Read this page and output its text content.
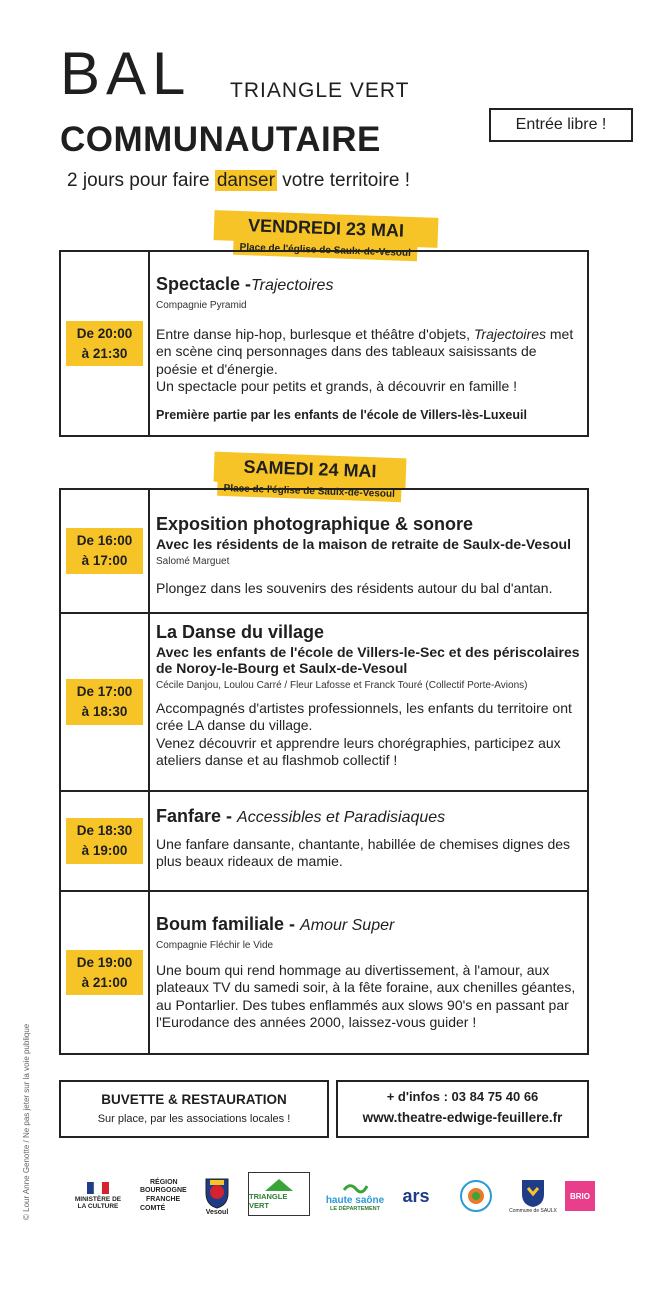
BAL TRIANGLE VERT
COMMUNAUTAIRE
2 jours pour faire danser votre territoire !
Entrée libre !
VENDREDI 23 MAI
Place de l'église de Saulx-de-Vesoul
De 20:00
à 21:30
Spectacle -Trajectoires
Compagnie Pyramid
Entre danse hip-hop, burlesque et théâtre d'objets, Trajectoires met en scène cinq personnages dans des tableaux saisissants de poésie et d'énergie.
Un spectacle pour petits et grands, à découvrir en famille !
Première partie par les enfants de l'école de Villers-lès-Luxeuil
SAMEDI 24 MAI
Place de l'église de Saulx-de-Vesoul
De 16:00
à 17:00
Exposition photographique & sonore
Avec les résidents de la maison de retraite de Saulx-de-Vesoul
Salomé Marguet
Plongez dans les souvenirs des résidents autour du bal d'antan.
De 17:00
à 18:30
La Danse du village
Avec les enfants de l'école de Villers-le-Sec et des périscolaires de Noroy-le-Bourg et Saulx-de-Vesoul
Cécile Danjou, Loulou Carré / Fleur Lafosse et Franck Touré (Collectif Porte-Avions)
Accompagnés d'artistes professionnels, les enfants du territoire ont crée LA danse du village.
Venez découvrir et apprendre leurs chorégraphies, participez aux ateliers danse et au flashmob collectif !
De 18:30
à 19:00
Fanfare - Accessibles et Paradisiaques
Une fanfare dansante, chantante, habillée de chemises dignes des plus beaux rideaux de mamie.
De 19:00
à 21:00
Boum familiale - Amour Super
Compagnie Fléchir le Vide
Une boum qui rend hommage au divertissement, à l'amour, aux plateaux TV du samedi soir, à la fête foraine, aux chenilles géantes, au Pontarlier. Des tubes enflammés aux slows 90's en passant par l'Eurodance des années 2000, laissez-vous guider !
BUVETTE & RESTAURATION
Sur place, par les associations locales !
+ d'infos : 03 84 75 40 66
www.theatre-edwige-feuillere.fr
© Lour Anne Genotte / Ne pas jeter sur la voie publique	MINISTÈRE DE LA CULTURE
RÉGION
BOURGOGNE
FRANCHE
COMTÉ
Vesoul
TRIANGLE VERT	haute saône
LE DÉPARTEMENT
ars
Commune de SAULX
BRIO
